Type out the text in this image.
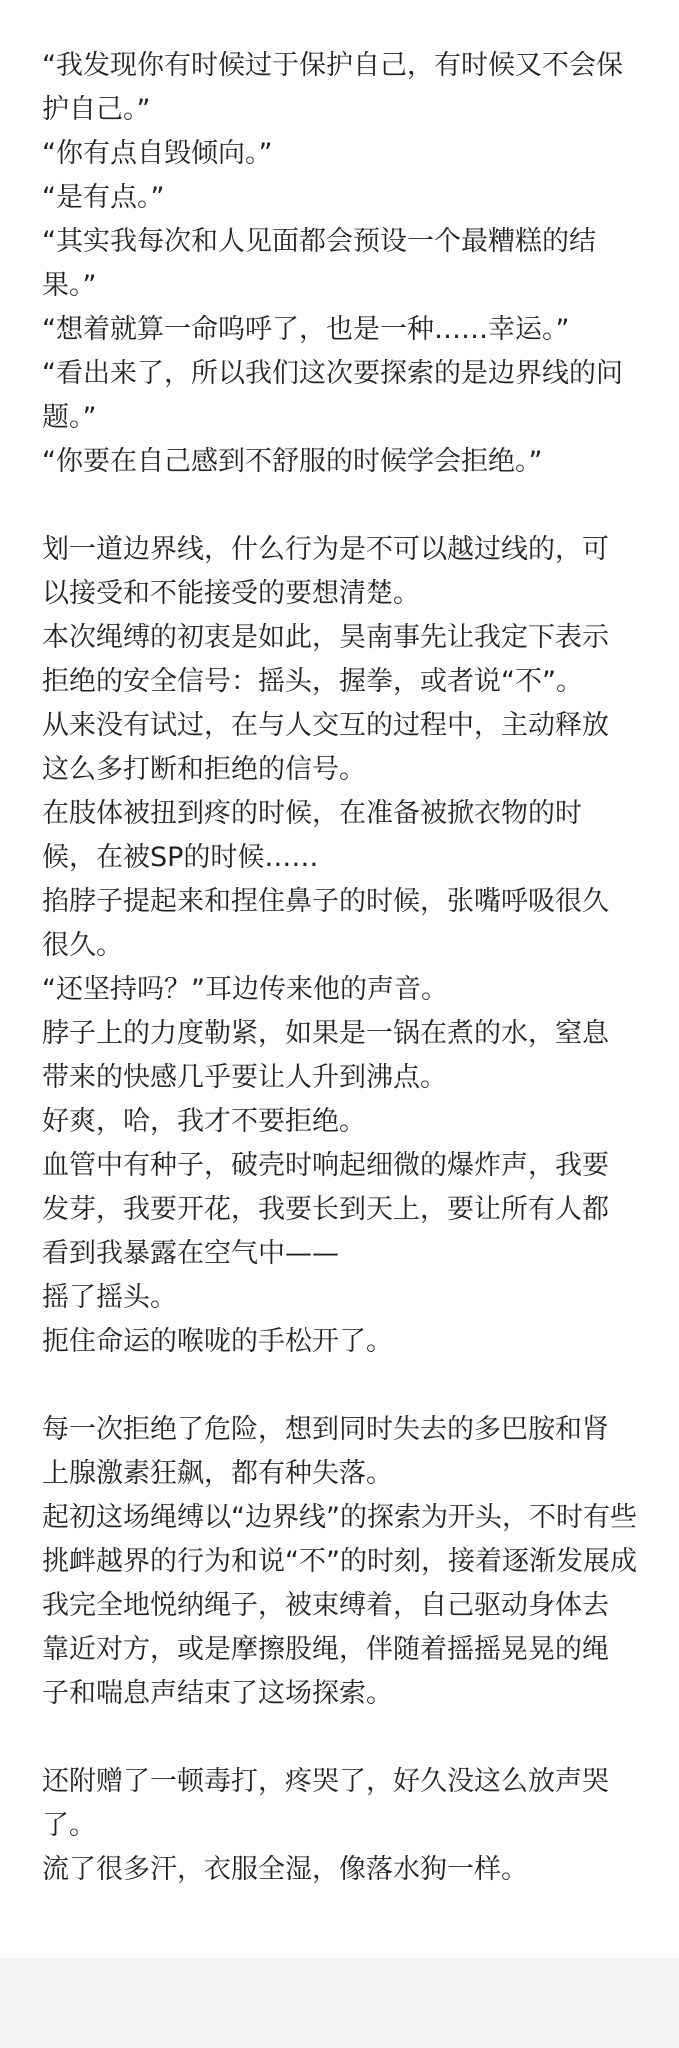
“我发现你有时候过于保护自己，有时候又不会保

护自己。”

“你有点自毁倾向。”

“是有点。”

“其实我每次和人见面都会预设一个最糟糕的结

果。”

“想着就算一命呜呼了，也是一种……幸运。”

“看出来了，所以我们这次要探索的是边界线的问

题。”

“你要在自己感到不舒服的时候学会拒绝。”

划一道边界线，什么行为是不可以越过线的，可

以接受和不能接受的要想清楚。

本次绳缚的初衷是如此，昊南事先让我定下表示

拒绝的安全信号：摇头，握拳，或者说“不”。

从来没有试过，在与人交互的过程中，主动释放

这么多打断和拒绝的信号。

在肢体被扭到疼的时候，在准备被掀衣物的时

候，在被SP的时候……

掐脖子提起来和捏住鼻子的时候，张嘴呼吸很久

很久。

“还坚持吗？”耳边传来他的声音。

脖子上的力度勒紧，如果是一锅在煮的水，窒息

带来的快感几乎要让人升到沸点。

好爽，哈，我才不要拒绝。

血管中有种子，破壳时响起细微的爆炸声，我要

发芽，我要开花，我要长到天上，要让所有人都

看到我暴露在空气中——

摇了摇头。

扼住命运的喉咙的手松开了。

每一次拒绝了危险，想到同时失去的多巴胺和肾

上腺激素狂飙，都有种失落。

起初这场绳缚以“边界线”的探索为开头，不时有些

挑衅越界的行为和说“不”的时刻，接着逐渐发展成

我完全地悦纳绳子，被束缚着，自己驱动身体去

靠近对方，或是摩擦股绳，伴随着摇摇晃晃的绳

子和喘息声结束了这场探索。

还附赠了一顿毒打，疼哭了，好久没这么放声哭

了。

流了很多汗，衣服全湿，像落水狗一样。
